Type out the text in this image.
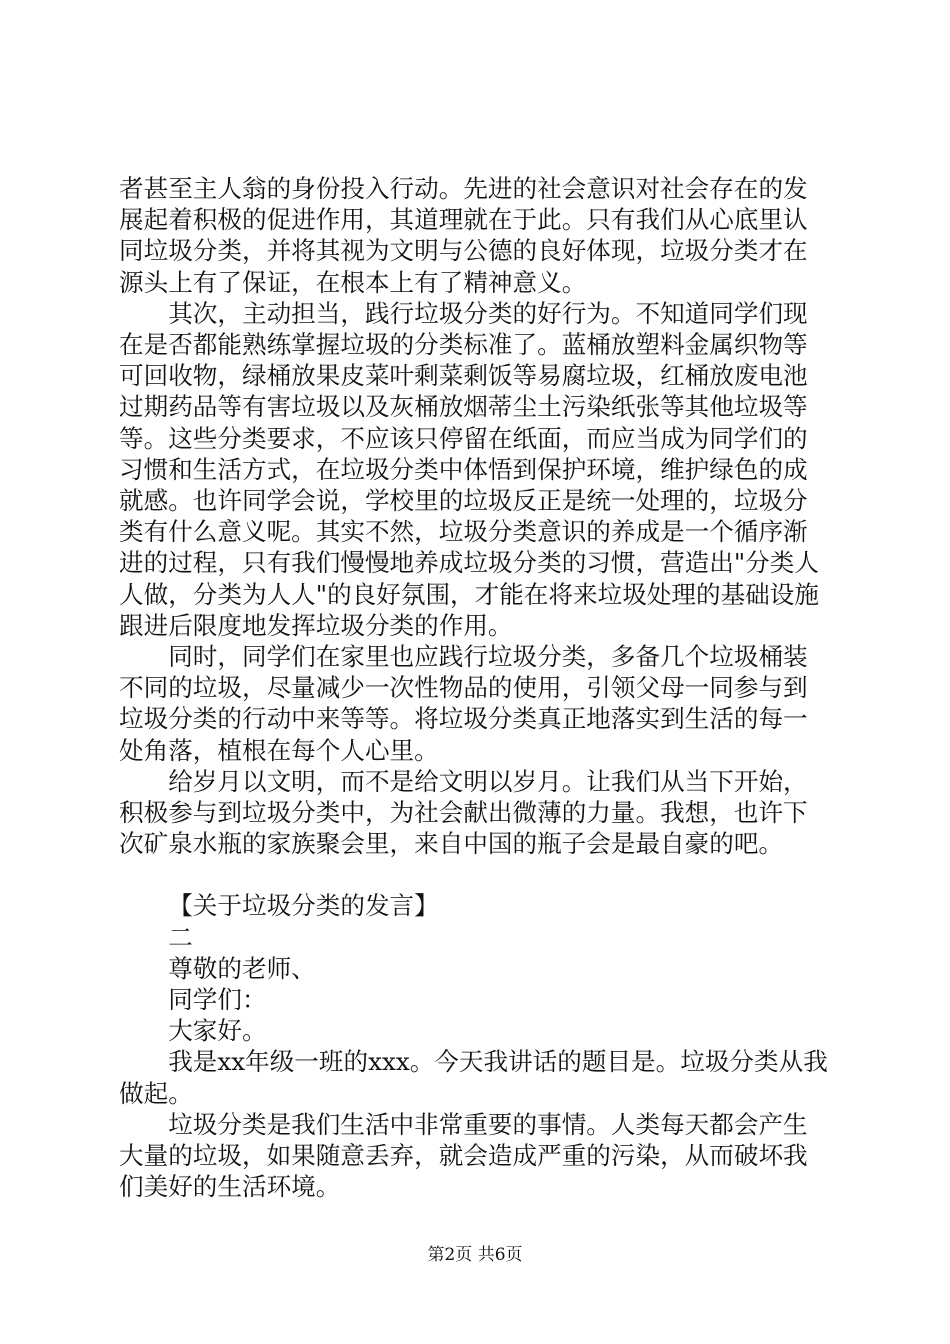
者甚至主人翁的身份投入行动。先进的社会意识对社会存在的发展起着积极的促进作用，其道理就在于此。只有我们从心底里认同垃圾分类，并将其视为文明与公德的良好体现，垃圾分类才在源头上有了保证，在根本上有了精神意义。

其次，主动担当，践行垃圾分类的好行为。不知道同学们现在是否都能熟练掌握垃圾的分类标准了。蓝桶放塑料金属织物等可回收物，绿桶放果皮菜叶剩菜剩饭等易腐垃圾，红桶放废电池过期药品等有害垃圾以及灰桶放烟蒂尘土污染纸张等其他垃圾等等。这些分类要求，不应该只停留在纸面，而应当成为同学们的习惯和生活方式，在垃圾分类中体悟到保护环境，维护绿色的成就感。也许同学会说，学校里的垃圾反正是统一处理的，垃圾分类有什么意义呢。其实不然，垃圾分类意识的养成是一个循序渐进的过程，只有我们慢慢地养成垃圾分类的习惯，营造出"分类人人做，分类为人人"的良好氛围，才能在将来垃圾处理的基础设施跟进后限度地发挥垃圾分类的作用。

同时，同学们在家里也应践行垃圾分类，多备几个垃圾桶装不同的垃圾，尽量减少一次性物品的使用，引领父母一同参与到垃圾分类的行动中来等等。将垃圾分类真正地落实到生活的每一处角落，植根在每个人心里。

给岁月以文明，而不是给文明以岁月。让我们从当下开始，积极参与到垃圾分类中，为社会献出微薄的力量。我想，也许下次矿泉水瓶的家族聚会里，来自中国的瓶子会是最自豪的吧。

【关于垃圾分类的发言】

二

尊敬的老师、

同学们：

大家好。

我是xx年级一班的xxx。今天我讲话的题目是。垃圾分类从我做起。

垃圾分类是我们生活中非常重要的事情。人类每天都会产生大量的垃圾，如果随意丢弃，就会造成严重的污染，从而破坏我们美好的生活环境。

第2页 共6页
